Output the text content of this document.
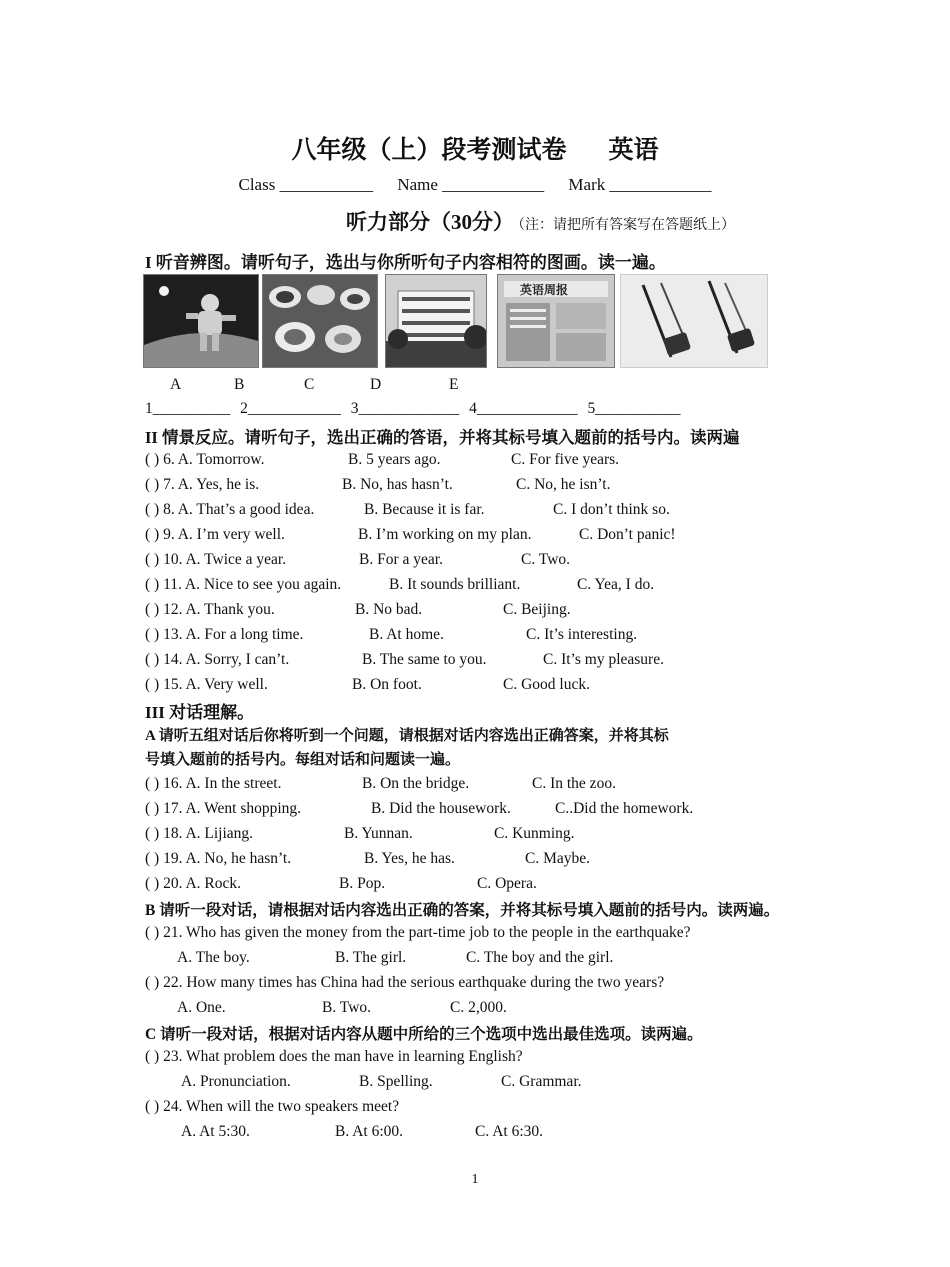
八年级（上）段考测试卷 英语
Class ___________ Name ____________ Mark ____________
听力部分（30分） （注：请把所有答案写在答题纸上）
I 听音辨图。请听句子，选出与你所听句子内容相符的图画。读一遍。
英语周报
A	B	C	D	E
1__________ 2____________ 3_____________ 4_____________ 5___________
II 情景反应。请听句子，选出正确的答语，并将其标号填入题前的括号内。读两遍
( ) 6. A. Tomorrow.	B. 5 years ago.	C. For five years.
( ) 7. A. Yes, he is.	B. No, has hasn’t.	C. No, he isn’t.
( ) 8. A. That’s a good idea.	B. Because it is far.	C. I don’t think so.
( ) 9. A. I’m very well.	B. I’m working on my plan.	C. Don’t panic!
( ) 10. A. Twice a year.	B. For a year.	C. Two.
( ) 11. A. Nice to see you again.	B. It sounds brilliant.	C. Yea, I do.
( ) 12. A. Thank you.	B. No bad.	C. Beijing.
( ) 13. A. For a long time.	B. At home.	C. It’s interesting.
( ) 14. A. Sorry, I can’t.	B. The same to you.	C. It’s my pleasure.
( ) 15. A. Very well.	B. On foot.	C. Good luck.
III 对话理解。
A 请听五组对话后你将听到一个问题，请根据对话内容选出正确答案，并将其标
号填入题前的括号内。每组对话和问题读一遍。
( ) 16. A. In the street.	B. On the bridge.	C. In the zoo.
( ) 17. A. Went shopping.	B. Did the housework.	C..Did the homework.
( ) 18. A. Lijiang.	B. Yunnan.	C. Kunming.
( ) 19. A. No, he hasn’t.	B. Yes, he has.	C. Maybe.
( ) 20. A. Rock.	B. Pop.	C. Opera.
B 请听一段对话，请根据对话内容选出正确的答案，并将其标号填入题前的括号内。读两遍。
( ) 21. Who has given the money from the part-time job to the people in the earthquake?
A. The boy.	B. The girl.	C. The boy and the girl.
( ) 22. How many times has China had the serious earthquake during the two years?
A. One.	B. Two.	C. 2,000.
C 请听一段对话，根据对话内容从题中所给的三个选项中选出最佳选项。读两遍。
( ) 23. What problem does the man have in learning English?
A. Pronunciation.	B. Spelling.	C. Grammar.
( ) 24. When will the two speakers meet?
A. At 5:30.	B. At 6:00.	C. At 6:30.
1
